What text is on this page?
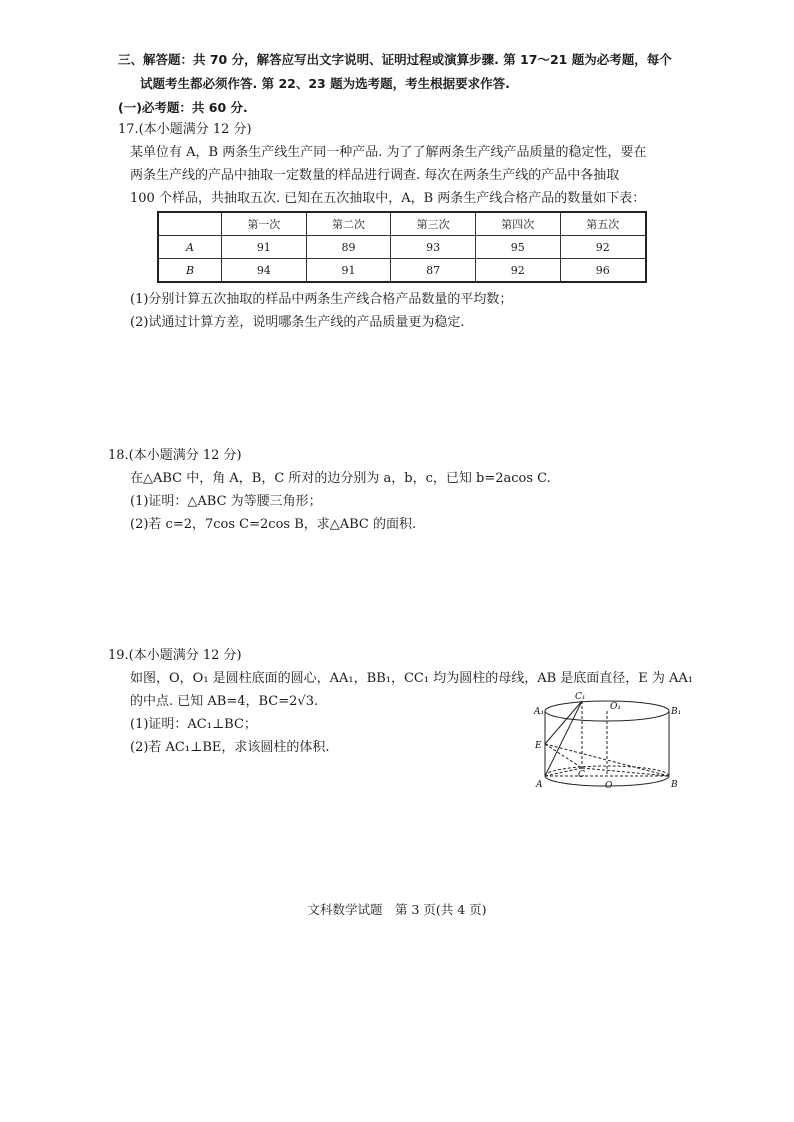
三、解答题：共 70 分，解答应写出文字说明、证明过程或演算步骤. 第 17～21 题为必考题，每个
试题考生都必须作答. 第 22、23 题为选考题，考生根据要求作答.
(一)必考题：共 60 分.
17.(本小题满分 12 分)
某单位有 A，B 两条生产线生产同一种产品. 为了了解两条生产线产品质量的稳定性，要在
两条生产线的产品中抽取一定数量的样品进行调查. 每次在两条生产线的产品中各抽取
100 个样品，共抽取五次. 已知在五次抽取中，A，B 两条生产线合格产品的数量如下表：
	第一次	第二次	第三次	第四次	第五次
A	91	89	93	95	92
B	94	91	87	92	96
(1)分别计算五次抽取的样品中两条生产线合格产品数量的平均数；
(2)试通过计算方差，说明哪条生产线的产品质量更为稳定.
18.(本小题满分 12 分)
在△ABC 中，角 A，B，C 所对的边分别为 a，b，c，已知 b=2acos C.
(1)证明：△ABC 为等腰三角形；
(2)若 c=2，7cos C=2cos B，求△ABC 的面积.
19.(本小题满分 12 分)
如图，O，O₁ 是圆柱底面的圆心，AA₁，BB₁，CC₁ 均为圆柱的母线，AB 是底面直径，E 为 AA₁
的中点. 已知 AB=4，BC=2√3.
(1)证明：AC₁⊥BC；
(2)若 AC₁⊥BE，求该圆柱的体积.
A₁	B₁
C₁
O₁
E
A	B
C
O
文科数学试题　第 3 页(共 4 页)
